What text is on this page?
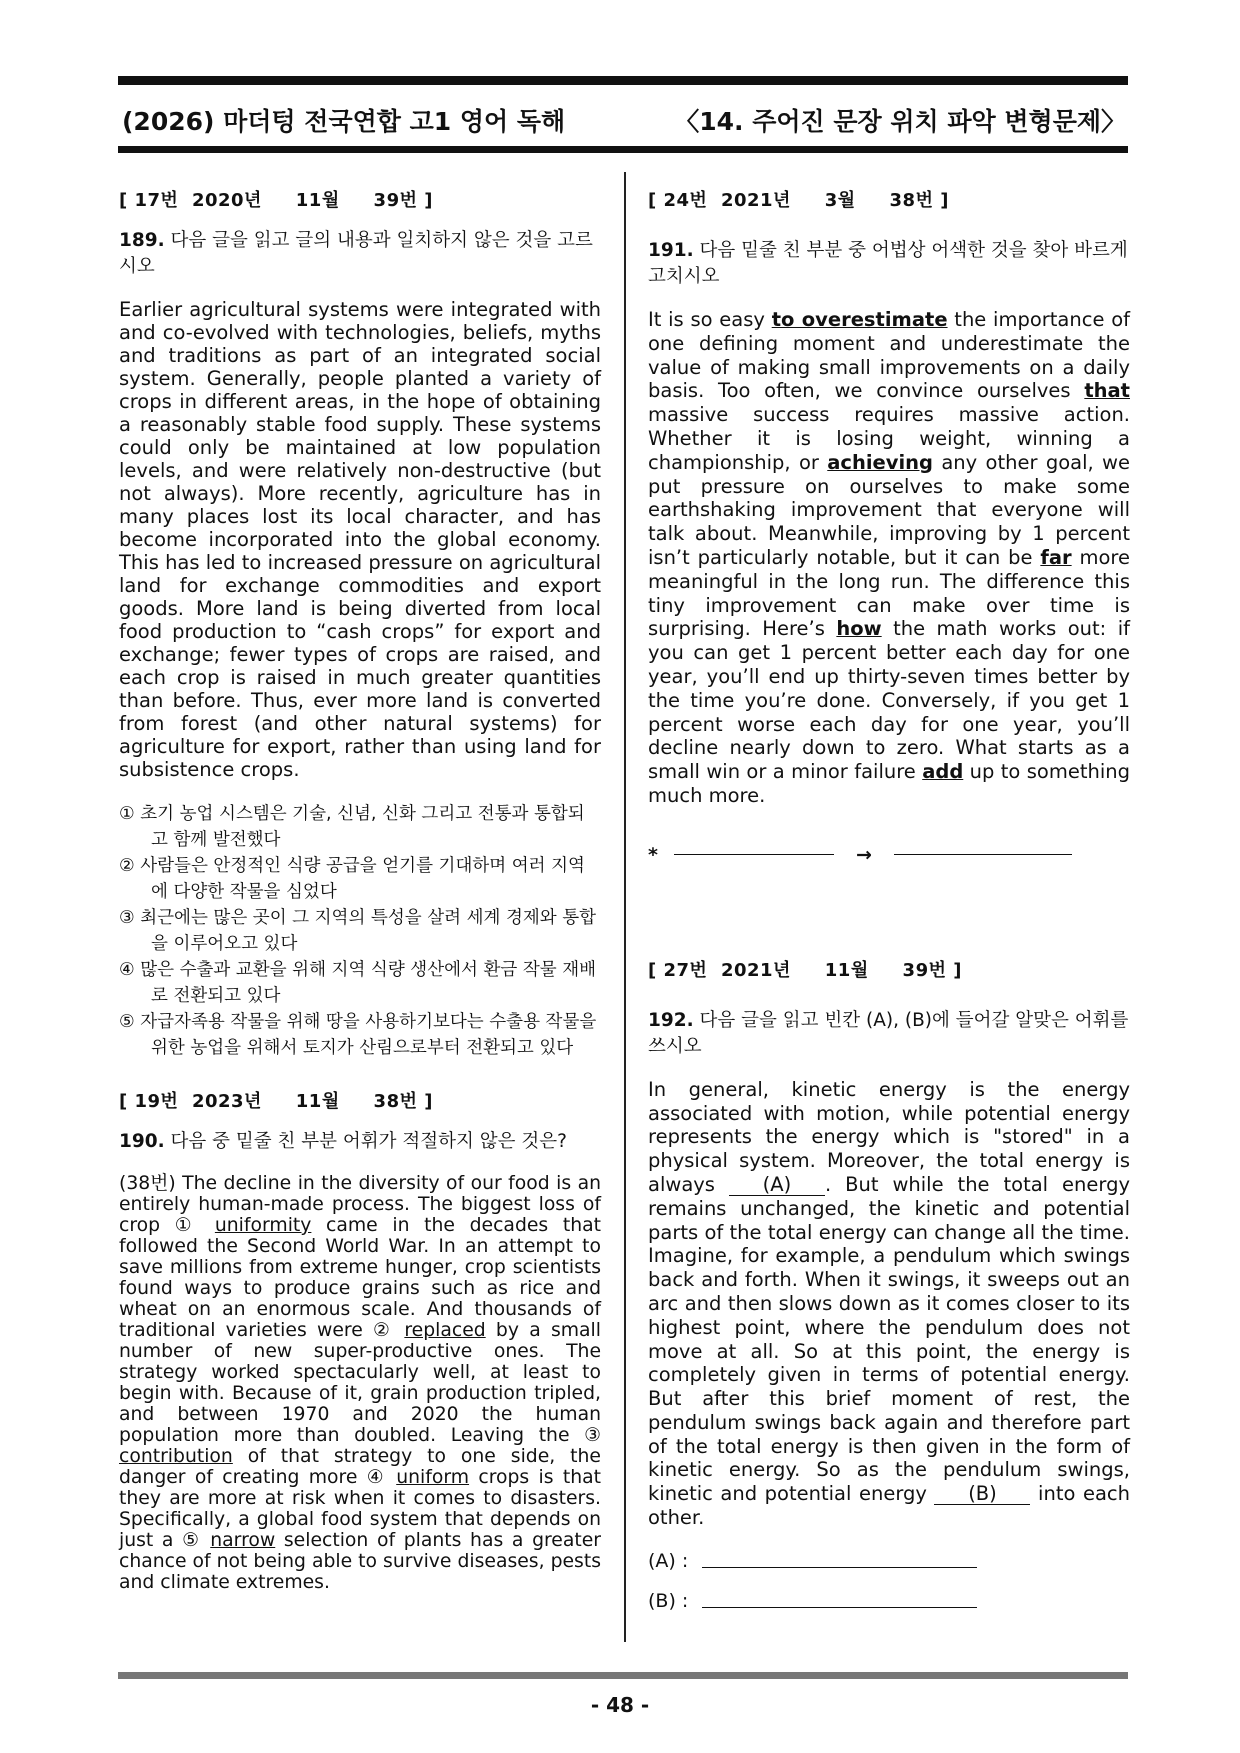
(2026) 마더텅 전국연합 고1 영어 독해	〈14. 주어진 문장 위치 파악 변형문제〉
[ 17번  2020년     11월     39번 ]
189. 다음 글을 읽고 글의 내용과 일치하지 않은 것을 고르시오
Earlier agricultural systems were integrated with and co-evolved with technologies, beliefs, myths and traditions as part of an integrated social system. Generally, people planted a variety of crops in different areas, in the hope of obtaining a reasonably stable food supply. These systems could only be maintained at low population levels, and were relatively non-destructive (but not always). More recently, agriculture has in many places lost its local character, and has become incorporated into the global economy. This has led to increased pressure on agricultural land for exchange commodities and export goods. More land is being diverted from local food production to “cash crops” for export and exchange; fewer types of crops are raised, and each crop is raised in much greater quantities than before. Thus, ever more land is converted from forest (and other natural systems) for agriculture for export, rather than using land for subsistence crops.
① 초기 농업 시스템은 기술, 신념, 신화 그리고 전통과 통합되고 함께 발전했다
② 사람들은 안정적인 식량 공급을 얻기를 기대하며 여러 지역에 다양한 작물을 심었다
③ 최근에는 많은 곳이 그 지역의 특성을 살려 세계 경제와 통합을 이루어오고 있다
④ 많은 수출과 교환을 위해 지역 식량 생산에서 환금 작물 재배로 전환되고 있다
⑤ 자급자족용 작물을 위해 땅을 사용하기보다는 수출용 작물을 위한 농업을 위해서 토지가 산림으로부터 전환되고 있다
[ 19번  2023년     11월     38번 ]
190. 다음 중 밑줄 친 부분 어휘가 적절하지 않은 것은?
(38번) The decline in the diversity of our food is an entirely human-made process. The biggest loss of crop ① uniformity came in the decades that followed the Second World War. In an attempt to save millions from extreme hunger, crop scientists found ways to produce grains such as rice and wheat on an enormous scale. And thousands of traditional varieties were ② replaced by a small number of new super-productive ones. The strategy worked spectacularly well, at least to begin with. Because of it, grain production tripled, and between 1970 and 2020 the human population more than doubled. Leaving the ③ contribution of that strategy to one side, the danger of creating more ④ uniform crops is that they are more at risk when it comes to disasters. Specifically, a global food system that depends on just a ⑤ narrow selection of plants has a greater chance of not being able to survive diseases, pests and climate extremes.
[ 24번  2021년     3월     38번 ]
191. 다음 밑줄 친 부분 중 어법상 어색한 것을 찾아 바르게 고치시오
It is so easy to overestimate the importance of one defining moment and underestimate the value of making small improvements on a daily basis. Too often, we convince ourselves that massive success requires massive action. Whether it is losing weight, winning a championship, or achieving any other goal, we put pressure on ourselves to make some earthshaking improvement that everyone will talk about. Meanwhile, improving by 1 percent isn’t particularly notable, but it can be far more meaningful in the long run. The difference this tiny improvement can make over time is surprising. Here’s how the math works out: if you can get 1 percent better each day for one year, you’ll end up thirty-seven times better by the time you’re done. Conversely, if you get 1 percent worse each day for one year, you’ll decline nearly down to zero. What starts as a small win or a minor failure add up to something much more.
*	→
[ 27번  2021년     11월     39번 ]
192. 다음 글을 읽고 빈칸 (A), (B)에 들어갈 알맞은 어휘를 쓰시오
In general, kinetic energy is the energy associated with motion, while potential energy represents the energy which is "stored" in a physical system. Moreover, the total energy is always (A) . But while the total energy remains unchanged, the kinetic and potential parts of the total energy can change all the time. Imagine, for example, a pendulum which swings back and forth. When it swings, it sweeps out an arc and then slows down as it comes closer to its highest point, where the pendulum does not move at all. So at this point, the energy is completely given in terms of potential energy. But after this brief moment of rest, the pendulum swings back again and therefore part of the total energy is then given in the form of kinetic energy. So as the pendulum swings, kinetic and potential energy (B) into each other.
(A) :
(B) :
- 48 -
